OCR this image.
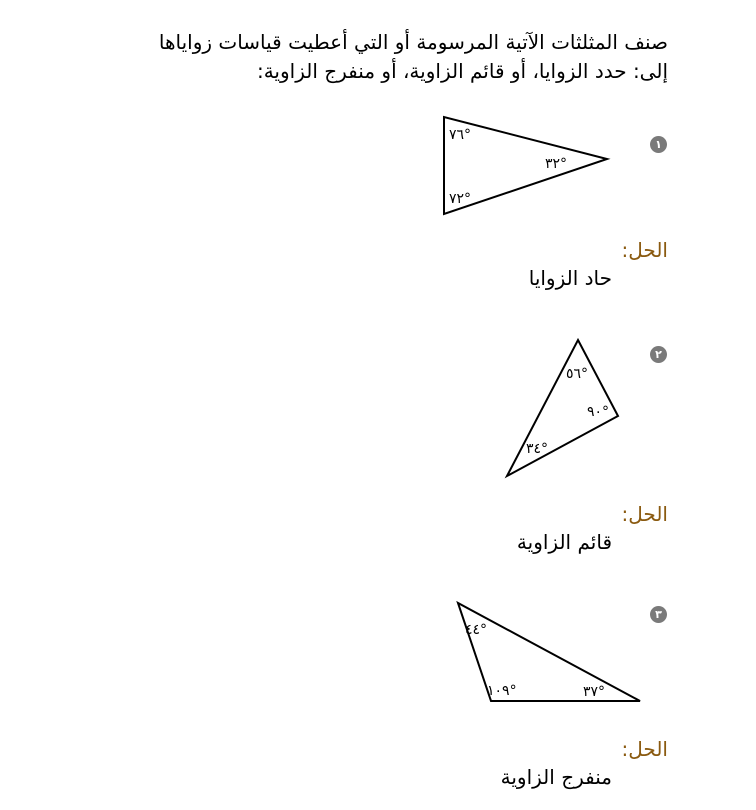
صنف المثلثات الآتية المرسومة أو التي أعطيت قياسات زواياها
إلى: حدد الزوايا، أو قائم الزاوية، أو منفرج الزاوية:
١
٧٦°
٣٢°
٧٢°
الحل:
حاد الزوايا
٢
٥٦°
٩٠°
٣٤°
الحل:
قائم الزاوية
٣
٤٤°
١٠٩°	٣٧°
الحل:
منفرج الزاوية
